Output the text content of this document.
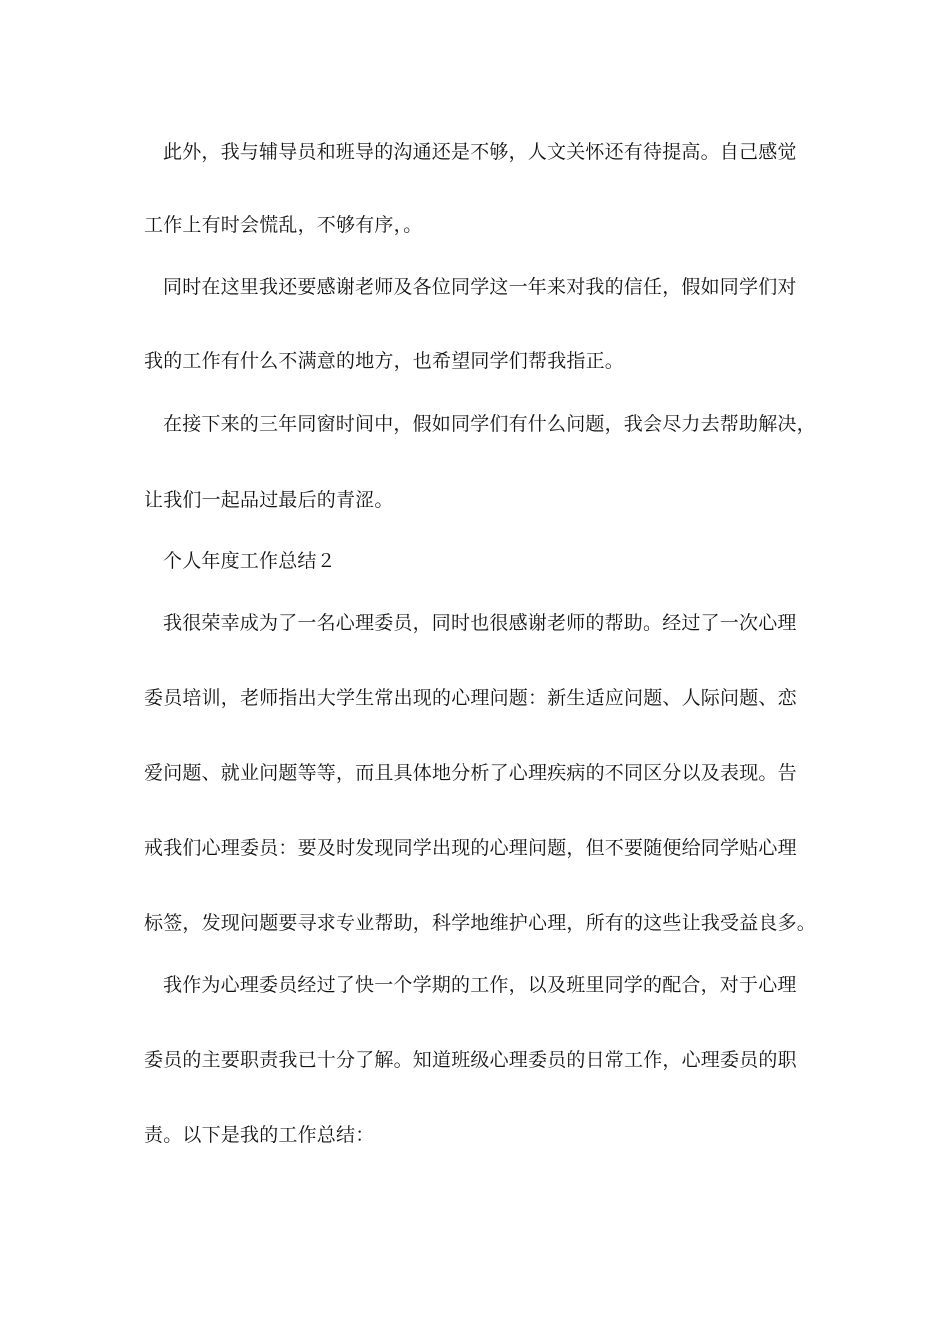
此外，我与辅导员和班导的沟通还是不够，人文关怀还有待提高。自己感觉
工作上有时会慌乱，不够有序，。
同时在这里我还要感谢老师及各位同学这一年来对我的信任，假如同学们对
我的工作有什么不满意的地方，也希望同学们帮我指正。
在接下来的三年同窗时间中，假如同学们有什么问题，我会尽力去帮助解决，
让我们一起品过最后的青涩。
个人年度工作总结２
我很荣幸成为了一名心理委员，同时也很感谢老师的帮助。经过了一次心理
委员培训，老师指出大学生常出现的心理问题：新生适应问题、人际问题、恋
爱问题、就业问题等等，而且具体地分析了心理疾病的不同区分以及表现。告
戒我们心理委员：要及时发现同学出现的心理问题，但不要随便给同学贴心理
标签，发现问题要寻求专业帮助，科学地维护心理，所有的这些让我受益良多。
我作为心理委员经过了快一个学期的工作，以及班里同学的配合，对于心理
委员的主要职责我已十分了解。知道班级心理委员的日常工作，心理委员的职
责。以下是我的工作总结：
